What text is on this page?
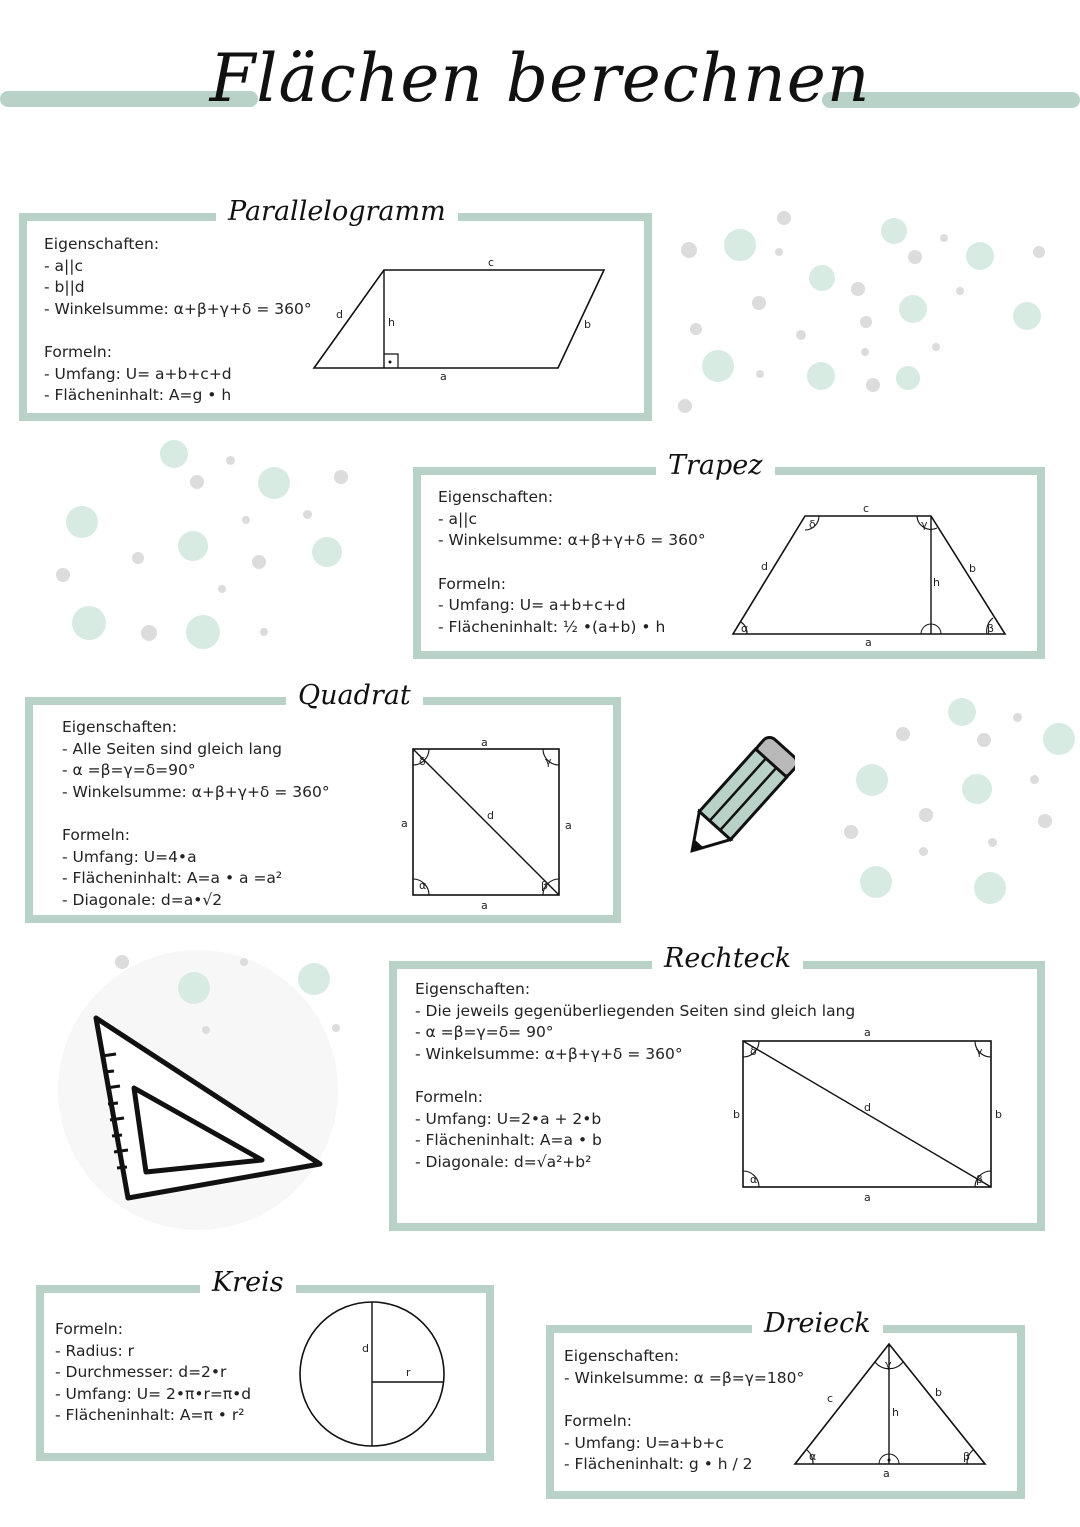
Flächen berechnen
Parallelogramm
Eigenschaften:
- a||c
- b||d
- Winkelsumme: α+β+γ+δ = 360°
Formeln:
- Umfang: U= a+b+c+d
- Flächeninhalt: A=g • h
c
a
d
b
h
Trapez
Eigenschaften:
- a||c
- Winkelsumme: α+β+γ+δ = 360°
Formeln:
- Umfang: U= a+b+c+d
- Flächeninhalt: ½ •(a+b) • h
c
a
d	b
h
α	β
γ
δ
Quadrat
Eigenschaften:
- Alle Seiten sind gleich lang
- α =β=γ=δ=90°
- Winkelsumme: α+β+γ+δ = 360°
Formeln:
- Umfang: U=4•a
- Flächeninhalt: A=a • a =a²
- Diagonale: d=a•√2
a
a
a	a
d
δ	γ
α	β
Rechteck
Eigenschaften:
- Die jeweils gegenüberliegenden Seiten sind gleich lang
- α =β=γ=δ= 90°
- Winkelsumme: α+β+γ+δ = 360°
Formeln:
- Umfang: U=2•a + 2•b
- Flächeninhalt: A=a • b
- Diagonale: d=√a²+b²
a
a
b	b
d
δ	γ
α	β
Kreis
Formeln:
- Radius: r
- Durchmesser: d=2•r
- Umfang: U= 2•π•r=π•d
- Flächeninhalt: A=π • r²
d
r
Dreieck
Eigenschaften:
- Winkelsumme: α =β=γ=180°
Formeln:
- Umfang: U=a+b+c
- Flächeninhalt: g • h / 2
a
b
c
h
α	β
γ
